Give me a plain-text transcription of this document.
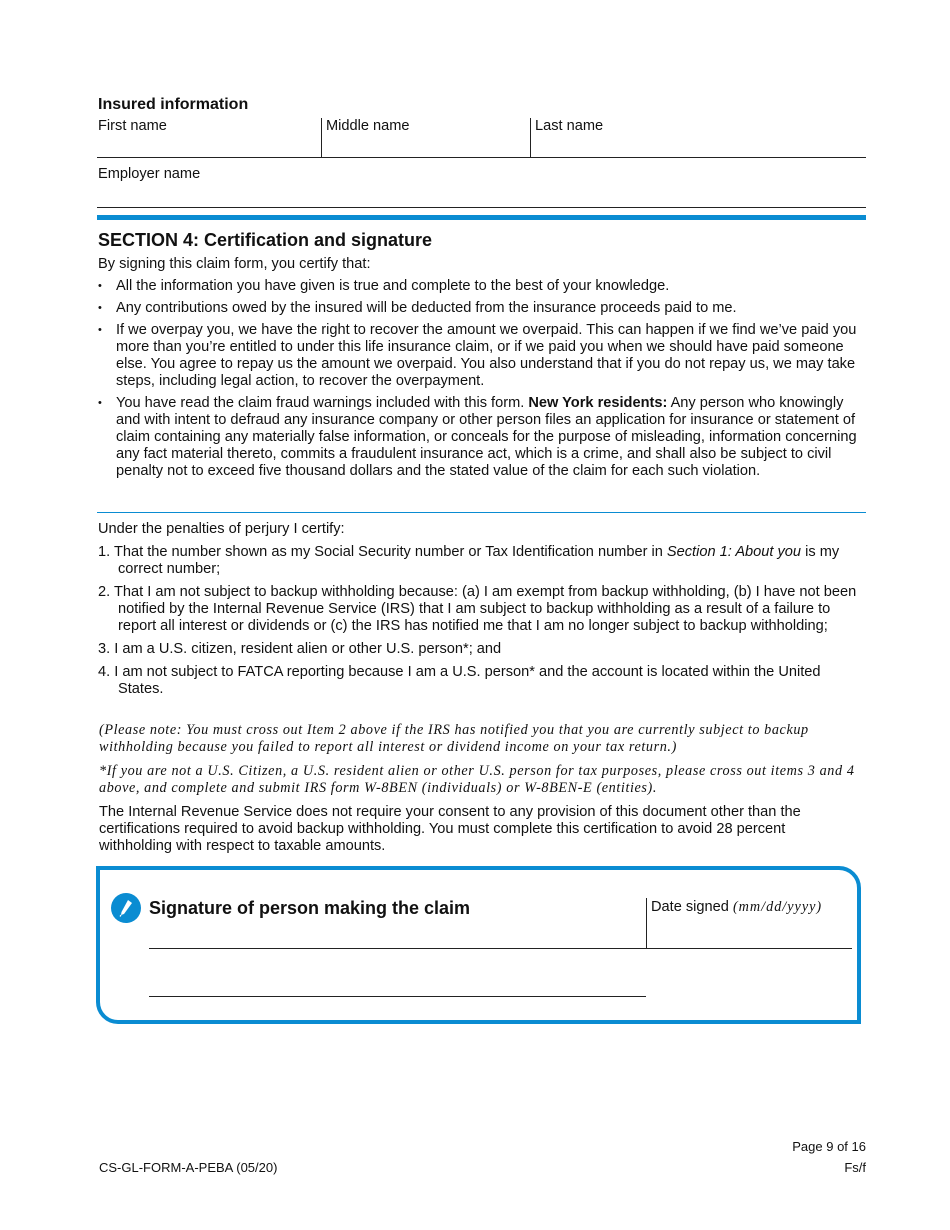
Insured information
First name	Middle name	Last name
Employer name
SECTION 4: Certification and signature
By signing this claim form, you certify that:
• All the information you have given is true and complete to the best of your knowledge.
• Any contributions owed by the insured will be deducted from the insurance proceeds paid to me.
• If we overpay you, we have the right to recover the amount we overpaid. This can happen if we find we’ve paid you more than you’re entitled to under this life insurance claim, or if we paid you when we should have paid someone else. You agree to repay us the amount we overpaid. You also understand that if you do not repay us, we may take steps, including legal action, to recover the overpayment.
• You have read the claim fraud warnings included with this form. New York residents: Any person who knowingly and with intent to defraud any insurance company or other person files an application for insurance or statement of claim containing any materially false information, or conceals for the purpose of misleading, information concerning any fact material thereto, commits a fraudulent insurance act, which is a crime, and shall also be subject to civil penalty not to exceed five thousand dollars and the stated value of the claim for each such violation.
Under the penalties of perjury I certify:
1. That the number shown as my Social Security number or Tax Identification number in Section 1: About you is my correct number;
2. That I am not subject to backup withholding because: (a) I am exempt from backup withholding, (b) I have not been notified by the Internal Revenue Service (IRS) that I am subject to backup withholding as a result of a failure to report all interest or dividends or (c) the IRS has notified me that I am no longer subject to backup withholding;
3. I am a U.S. citizen, resident alien or other U.S. person*; and
4. I am not subject to FATCA reporting because I am a U.S. person* and the account is located within the United States.
(Please note: You must cross out Item 2 above if the IRS has notified you that you are currently subject to backup withholding because you failed to report all interest or dividend income on your tax return.)
*If you are not a U.S. Citizen, a U.S. resident alien or other U.S. person for tax purposes, please cross out items 3 and 4 above, and complete and submit IRS form W-8BEN (individuals) or W-8BEN-E (entities).
The Internal Revenue Service does not require your consent to any provision of this document other than the certifications required to avoid backup withholding. You must complete this certification to avoid 28 percent withholding with respect to taxable amounts.
Signature of person making the claim	Date signed (mm/dd/yyyy)
CS-GL-FORM-A-PEBA (05/20)
Page 9 of 16
Fs/f
